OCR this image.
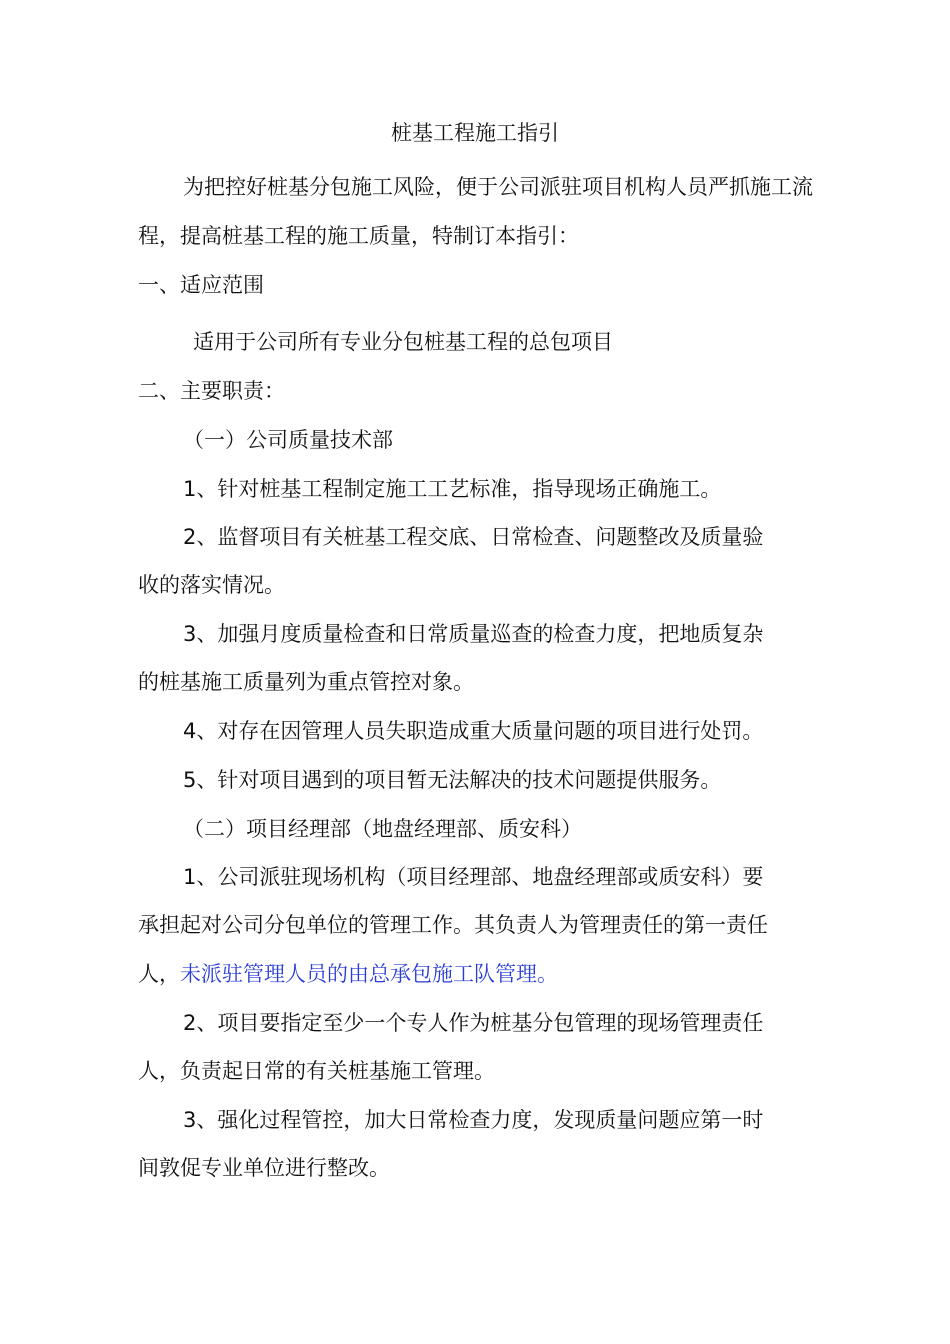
桩基工程施工指引
为把控好桩基分包施工风险，便于公司派驻项目机构人员严抓施工流
程，提高桩基工程的施工质量，特制订本指引：
一、适应范围
适用于公司所有专业分包桩基工程的总包项目
二、主要职责：
（一）公司质量技术部
1、针对桩基工程制定施工工艺标准，指导现场正确施工。
2、监督项目有关桩基工程交底、日常检查、问题整改及质量验
收的落实情况。
3、加强月度质量检查和日常质量巡查的检查力度，把地质复杂
的桩基施工质量列为重点管控对象。
4、对存在因管理人员失职造成重大质量问题的项目进行处罚。
5、针对项目遇到的项目暂无法解决的技术问题提供服务。
（二）项目经理部（地盘经理部、质安科）
1、公司派驻现场机构（项目经理部、地盘经理部或质安科）要
承担起对公司分包单位的管理工作。其负责人为管理责任的第一责任
人，未派驻管理人员的由总承包施工队管理。
2、项目要指定至少一个专人作为桩基分包管理的现场管理责任
人，负责起日常的有关桩基施工管理。
3、强化过程管控，加大日常检查力度，发现质量问题应第一时
间敦促专业单位进行整改。
